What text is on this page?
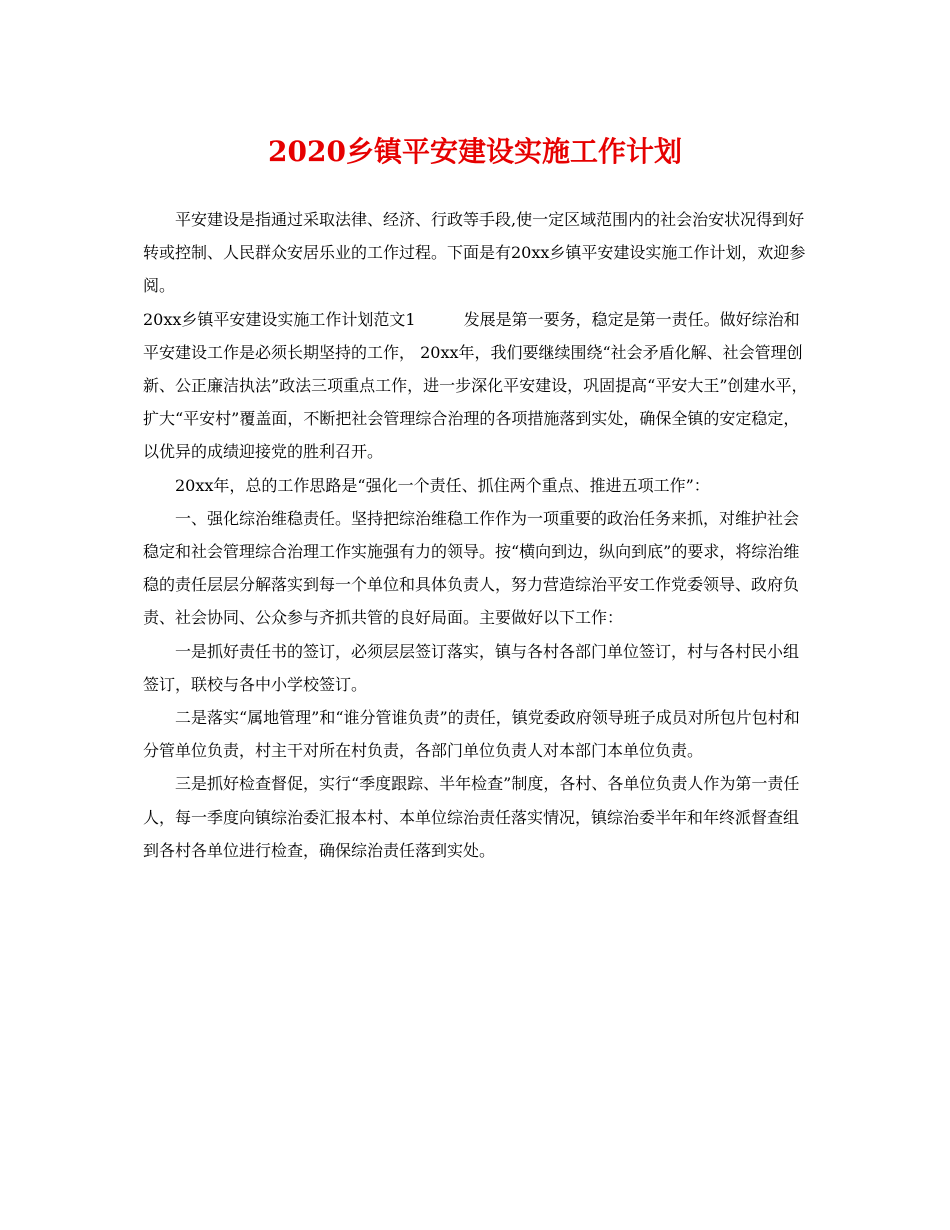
2020乡镇平安建设实施工作计划

平安建设是指通过采取法律、经济、行政等手段,使一定区域范围内的社会治安状况得到好转或控制、人民群众安居乐业的工作过程。下面是有20xx乡镇平安建设实施工作计划，欢迎参阅。

20xx乡镇平安建设实施工作计划范文1	发展是第一要务，稳定是第一责任。做好综治和平安建设工作是必须长期坚持的工作， 20xx年，我们要继续围绕“社会矛盾化解、社会管理创新、公正廉洁执法”政法三项重点工作，进一步深化平安建设，巩固提高“平安大王”创建水平，扩大“平安村”覆盖面，不断把社会管理综合治理的各项措施落到实处，确保全镇的安定稳定，以优异的成绩迎接党的胜利召开。

20xx年，总的工作思路是“强化一个责任、抓住两个重点、推进五项工作”：

一、强化综治维稳责任。坚持把综治维稳工作作为一项重要的政治任务来抓，对维护社会稳定和社会管理综合治理工作实施强有力的领导。按“横向到边，纵向到底”的要求，将综治维稳的责任层层分解落实到每一个单位和具体负责人，努力营造综治平安工作党委领导、政府负责、社会协同、公众参与齐抓共管的良好局面。主要做好以下工作：

一是抓好责任书的签订，必须层层签订落实，镇与各村各部门单位签订，村与各村民小组签订，联校与各中小学校签订。

二是落实“属地管理”和“谁分管谁负责”的责任，镇党委政府领导班子成员对所包片包村和分管单位负责，村主干对所在村负责，各部门单位负责人对本部门本单位负责。

三是抓好检查督促，实行“季度跟踪、半年检查”制度，各村、各单位负责人作为第一责任人，每一季度向镇综治委汇报本村、本单位综治责任落实情况，镇综治委半年和年终派督查组到各村各单位进行检查，确保综治责任落到实处。
